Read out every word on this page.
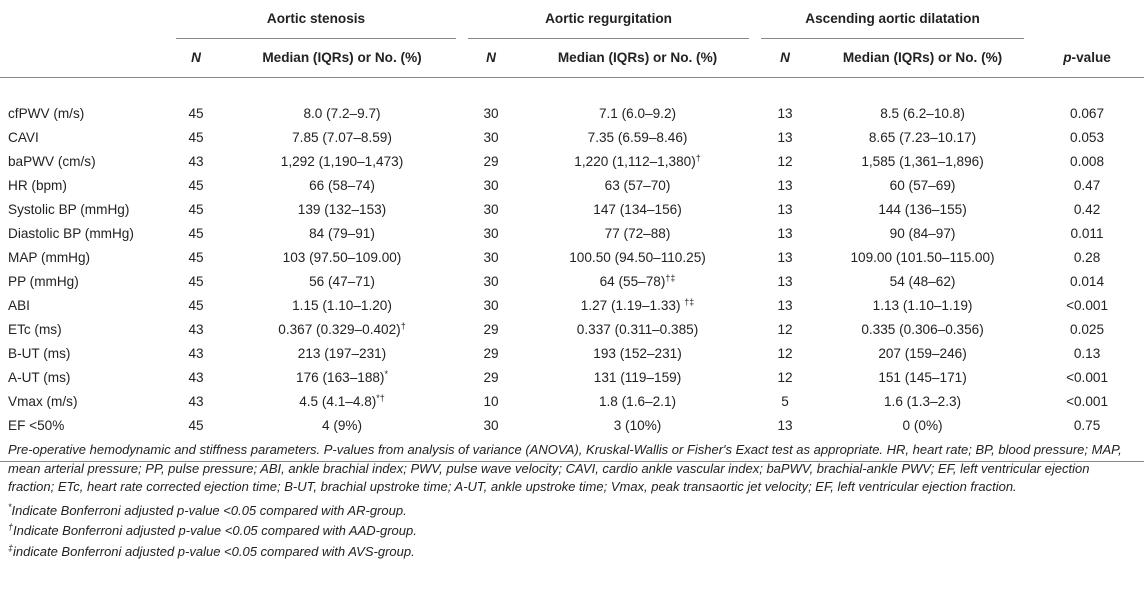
	Aortic stenosis		Aortic regurgitation		Ascending aortic dilatation		

	N	Median (IQRs) or No. (%)	N	Median (IQRs) or No. (%)	N	Median (IQRs) or No. (%)	p-value

cfPWV (m/s)	45	8.0 (7.2–9.7)	30	7.1 (6.0–9.2)	13	8.5 (6.2–10.8)	0.067
CAVI	45	7.85 (7.07–8.59)	30	7.35 (6.59–8.46)	13	8.65 (7.23–10.17)	0.053
baPWV (cm/s)	43	1,292 (1,190–1,473)	29	1,220 (1,112–1,380)†	12	1,585 (1,361–1,896)	0.008
HR (bpm)	45	66 (58–74)	30	63 (57–70)	13	60 (57–69)	0.47
Systolic BP (mmHg)	45	139 (132–153)	30	147 (134–156)	13	144 (136–155)	0.42
Diastolic BP (mmHg)	45	84 (79–91)	30	77 (72–88)	13	90 (84–97)	0.011
MAP (mmHg)	45	103 (97.50–109.00)	30	100.50 (94.50–110.25)	13	109.00 (101.50–115.00)	0.28
PP (mmHg)	45	56 (47–71)	30	64 (55–78)†‡	13	54 (48–62)	0.014
ABI	45	1.15 (1.10–1.20)	30	1.27 (1.19–1.33) †‡	13	1.13 (1.10–1.19)	<0.001
ETc (ms)	43	0.367 (0.329–0.402)†	29	0.337 (0.311–0.385)	12	0.335 (0.306–0.356)	0.025
B-UT (ms)	43	213 (197–231)	29	193 (152–231)	12	207 (159–246)	0.13
A-UT (ms)	43	176 (163–188)*	29	131 (119–159)	12	151 (145–171)	<0.001
Vmax (m/s)	43	4.5 (4.1–4.8)*†	10	1.8 (1.6–2.1)	5	1.6 (1.3–2.3)	<0.001
EF <50%	45	4 (9%)	30	3 (10%)	13	0 (0%)	0.75

Pre-operative hemodynamic and stiffness parameters. P-values from analysis of variance (ANOVA), Kruskal-Wallis or Fisher's Exact test as appropriate. HR, heart rate; BP, blood pressure; MAP, mean arterial pressure; PP, pulse pressure; ABI, ankle brachial index; PWV, pulse wave velocity; CAVI, cardio ankle vascular index; baPWV, brachial-ankle PWV; EF, left ventricular ejection fraction; ETc, heart rate corrected ejection time; B-UT, brachial upstroke time; A-UT, ankle upstroke time; Vmax, peak transaortic jet velocity; EF, left ventricular ejection fraction.

*Indicate Bonferroni adjusted p-value <0.05 compared with AR-group.

†Indicate Bonferroni adjusted p-value <0.05 compared with AAD-group.

‡indicate Bonferroni adjusted p-value <0.05 compared with AVS-group.
